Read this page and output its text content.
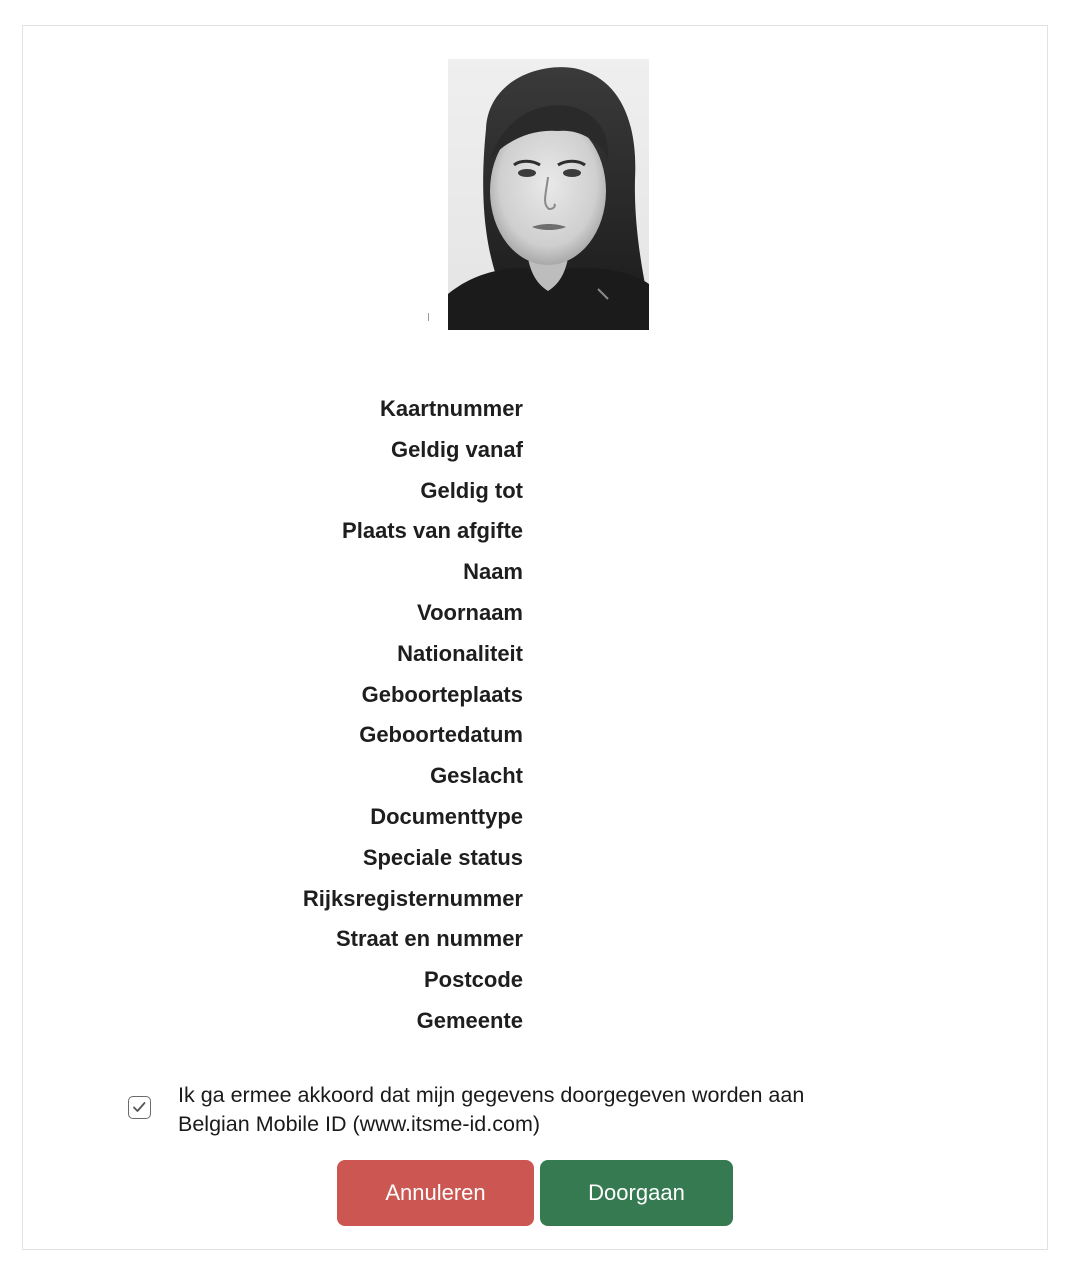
Kaartnummer
Geldig vanaf
Geldig tot
Plaats van afgifte
Naam
Voornaam
Nationaliteit
Geboorteplaats
Geboortedatum
Geslacht
Documenttype
Speciale status
Rijksregisternummer
Straat en nummer
Postcode
Gemeente
Ik ga ermee akkoord dat mijn gegevens doorgegeven worden aan
Belgian Mobile ID (www.itsme-id.com)
Annuleren	Doorgaan
